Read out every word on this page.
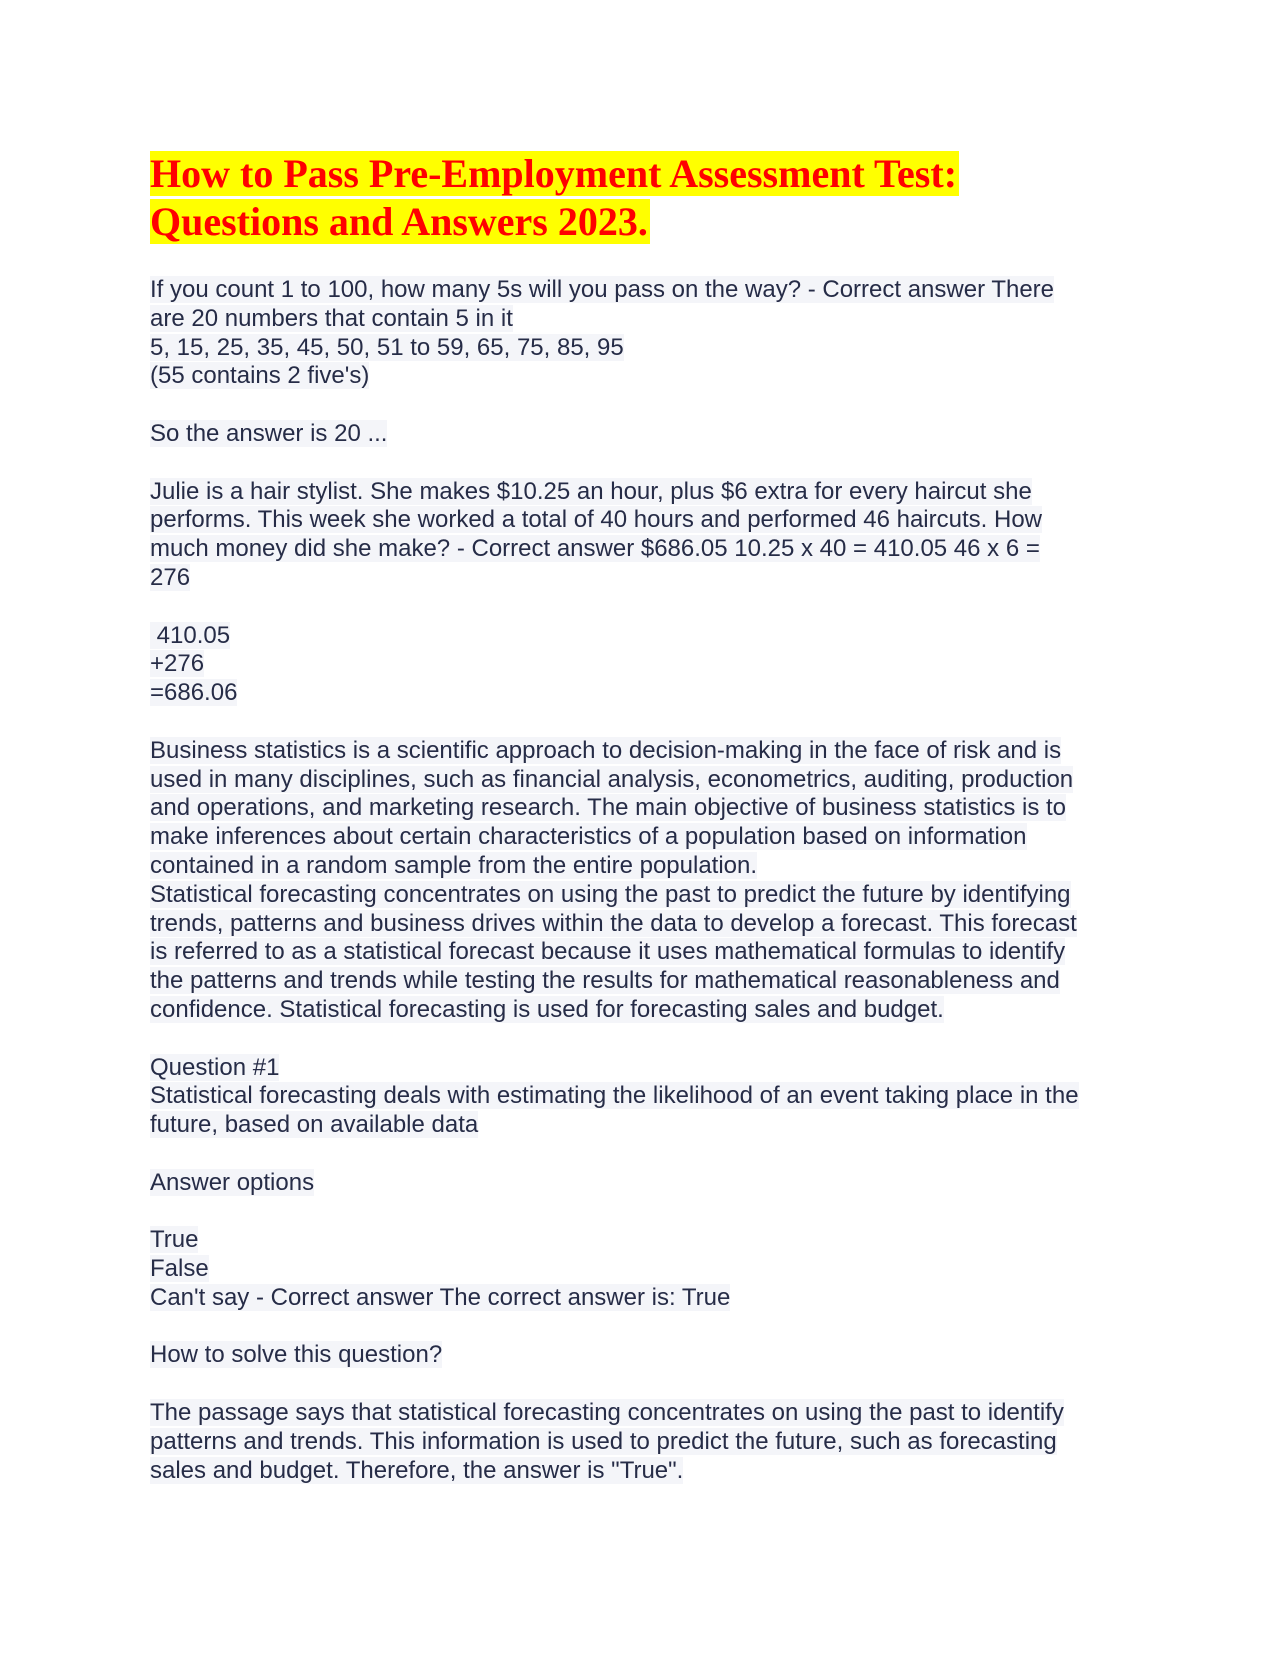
How to Pass Pre-Employment Assessment Test:
Questions and Answers 2023.
If you count 1 to 100, how many 5s will you pass on the way? - Correct answer There
are 20 numbers that contain 5 in it
5, 15, 25, 35, 45, 50, 51 to 59, 65, 75, 85, 95
(55 contains 2 five's)
So the answer is 20 ...
Julie is a hair stylist. She makes $10.25 an hour, plus $6 extra for every haircut she
performs. This week she worked a total of 40 hours and performed 46 haircuts. How
much money did she make? - Correct answer $686.05 10.25 x 40 = 410.05 46 x 6 =
276
410.05
+276
=686.06
Business statistics is a scientific approach to decision-making in the face of risk and is
used in many disciplines, such as financial analysis, econometrics, auditing, production
and operations, and marketing research. The main objective of business statistics is to
make inferences about certain characteristics of a population based on information
contained in a random sample from the entire population.
Statistical forecasting concentrates on using the past to predict the future by identifying
trends, patterns and business drives within the data to develop a forecast. This forecast
is referred to as a statistical forecast because it uses mathematical formulas to identify
the patterns and trends while testing the results for mathematical reasonableness and
confidence. Statistical forecasting is used for forecasting sales and budget.
Question #1
Statistical forecasting deals with estimating the likelihood of an event taking place in the
future, based on available data
Answer options
True
False
Can't say - Correct answer The correct answer is: True
How to solve this question?
The passage says that statistical forecasting concentrates on using the past to identify
patterns and trends. This information is used to predict the future, such as forecasting
sales and budget. Therefore, the answer is "True".
